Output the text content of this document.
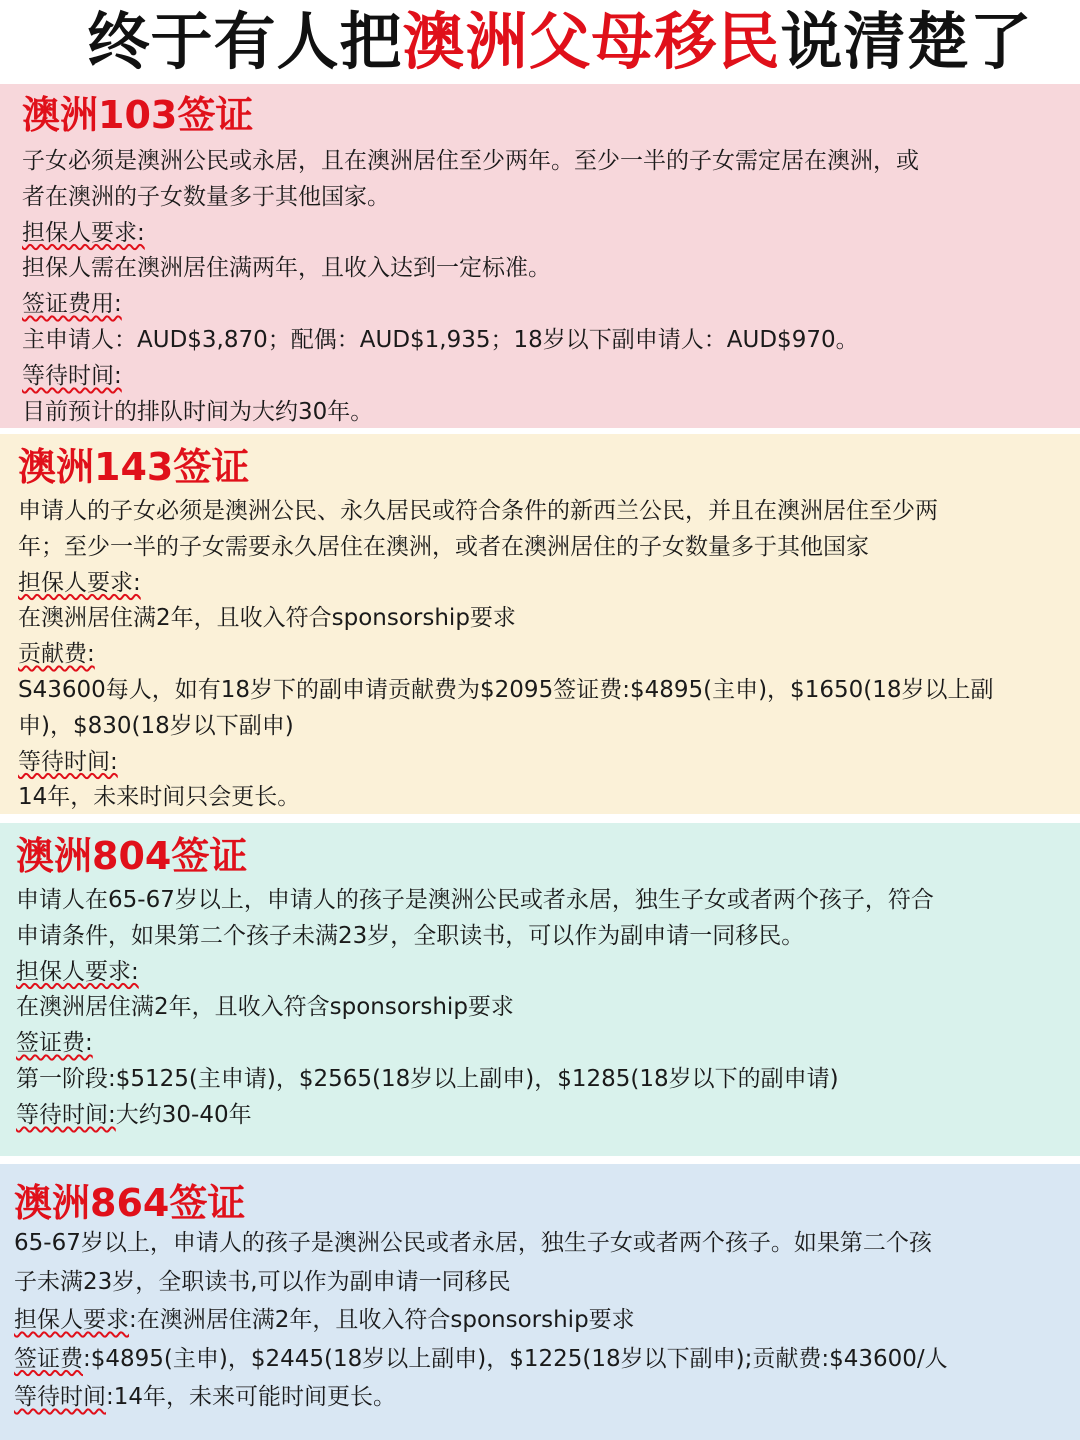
终于有人把澳洲父母移民说清楚了
澳洲103签证

子女必须是澳洲公民或永居，且在澳洲居住至少两年。至少一半的子女需定居在澳洲，或

者在澳洲的子女数量多于其他国家。

担保人要求:

担保人需在澳洲居住满两年，且收入达到一定标准。

签证费用:

主申请人：AUD$3,870；配偶：AUD$1,935；18岁以下副申请人：AUD$970。

等待时间:

目前预计的排队时间为大约30年。

澳洲143签证

申请人的子女必须是澳洲公民、永久居民或符合条件的新西兰公民，并且在澳洲居住至少两

年；至少一半的子女需要永久居住在澳洲，或者在澳洲居住的子女数量多于其他国家

担保人要求:

在澳洲居住满2年，且收入符合sponsorship要求

贡献费:

S43600每人，如有18岁下的副申请贡献费为$2095签证费:$4895(主申)，$1650(18岁以上副

申)，$830(18岁以下副申)

等待时间:

14年，未来时间只会更长。

澳洲804签证

申请人在65-67岁以上，申请人的孩子是澳洲公民或者永居，独生子女或者两个孩子，符合

申请条件，如果第二个孩子未满23岁，全职读书，可以作为副申请一同移民。

担保人要求:

在澳洲居住满2年，且收入符含sponsorship要求

签证费:

第一阶段:$5125(主申请)，$2565(18岁以上副申)，$1285(18岁以下的副申请)

等待时间:大约30-40年

澳洲864签证

65-67岁以上，申请人的孩子是澳洲公民或者永居，独生子女或者两个孩子。如果第二个孩

子未满23岁，全职读书,可以作为副申请一同移民

担保人要求:在澳洲居住满2年，且收入符合sponsorship要求

签证费:$4895(主申)，$2445(18岁以上副申)，$1225(18岁以下副申);贡献费:$43600/人

等待时间:14年，未来可能时间更长。
